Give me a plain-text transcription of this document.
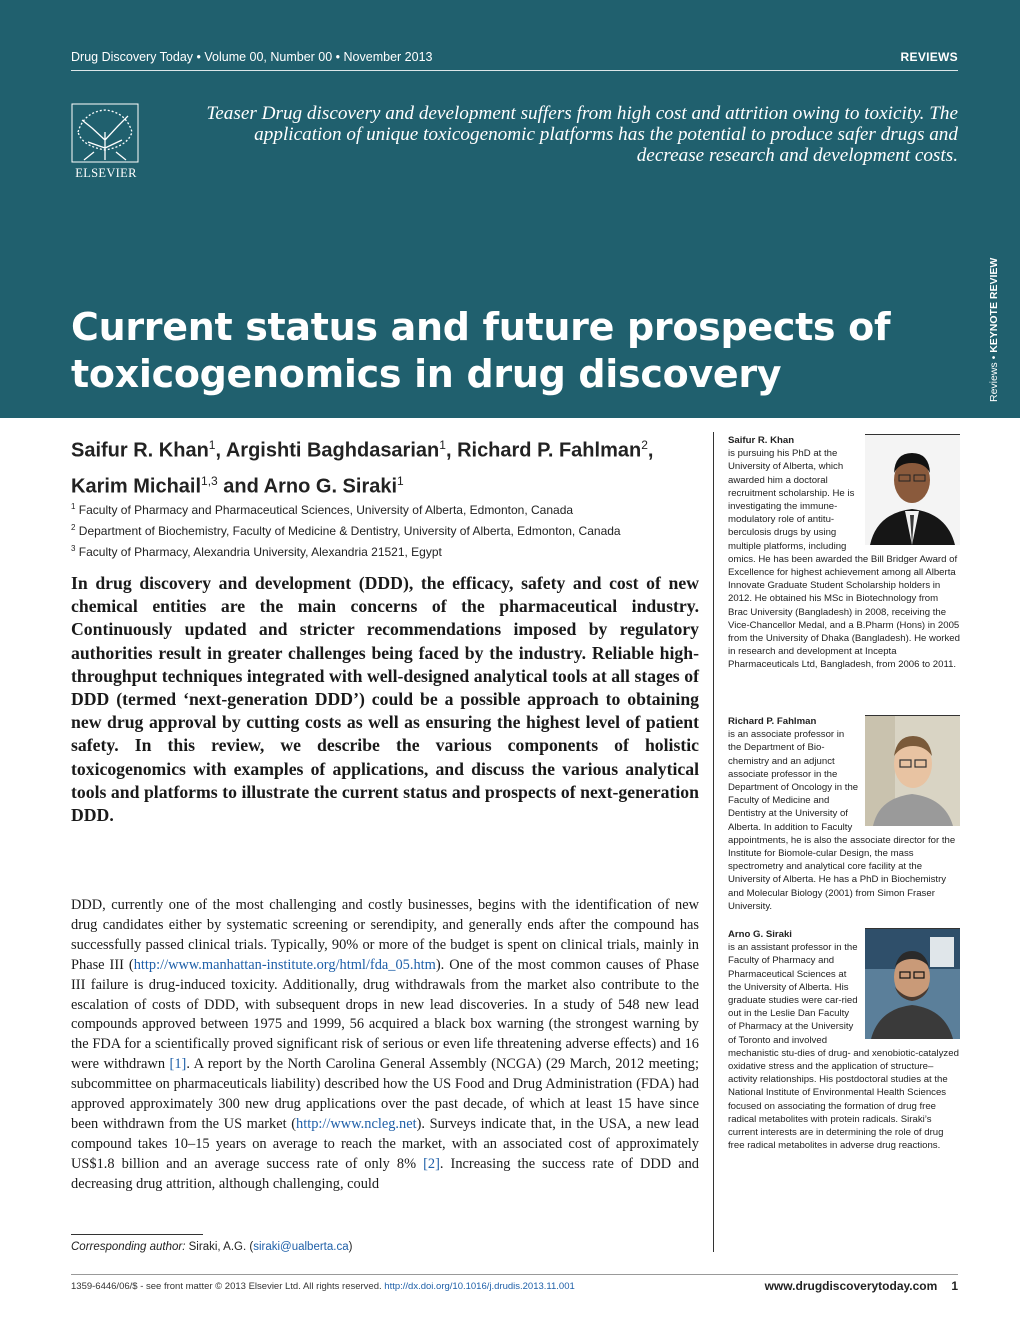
Drug Discovery Today • Volume 00, Number 00 • November 2013	REVIEWS
ELSEVIER
Teaser Drug discovery and development suffers from high cost and attrition owing to toxicity. The application of unique toxicogenomic platforms has the potential to produce safer drugs and decrease research and development costs.
Reviews • KEYNOTE REVIEW
Current status and future prospects of toxicogenomics in drug discovery
Saifur R. Khan$^1$, Argishti Baghdasarian$^1$, Richard P. Fahlman$^2$,
Karim Michail$^{1,3}$ and Arno G. Siraki$^1$
$^1$ Faculty of Pharmacy and Pharmaceutical Sciences, University of Alberta, Edmonton, Canada
$^2$ Department of Biochemistry, Faculty of Medicine & Dentistry, University of Alberta, Edmonton, Canada
$^3$ Faculty of Pharmacy, Alexandria University, Alexandria 21521, Egypt

In drug discovery and development (DDD), the efficacy, safety and cost of new chemical entities are the main concerns of the pharmaceutical industry. Continuously updated and stricter recommendations imposed by regulatory authorities result in greater challenges being faced by the industry. Reliable high-throughput techniques integrated with well-designed analytical tools at all stages of DDD (termed ‘next-generation DDD’) could be a possible approach to obtaining new drug approval by cutting costs as well as ensuring the highest level of patient safety. In this review, we describe the various components of holistic toxicogenomics with examples of applications, and discuss the various analytical tools and platforms to illustrate the current status and prospects of next-generation DDD.

DDD, currently one of the most challenging and costly businesses, begins with the identification of new drug candidates either by systematic screening or serendipity, and generally ends after the compound has successfully passed clinical trials. Typically, 90% or more of the budget is spent on clinical trials, mainly in Phase III (http://www.manhattan-institute.org/html/fda_05.htm). One of the most common causes of Phase III failure is drug-induced toxicity. Additionally, drug withdrawals from the market also contribute to the escalation of costs of DDD, with subsequent drops in new lead discoveries. In a study of 548 new lead compounds approved between 1975 and 1999, 56 acquired a black box warning (the strongest warning by the FDA for a scientifically proved significant risk of serious or even life threatening adverse effects) and 16 were withdrawn [1]. A report by the North Carolina General Assembly (NCGA) (29 March, 2012 meeting; subcommittee on pharmaceuticals liability) described how the US Food and Drug Administration (FDA) had approved approximately 300 new drug applications over the past decade, of which at least 15 have since been withdrawn from the US market (http://www.ncleg.net). Surveys indicate that, in the USA, a new lead compound takes 10–15 years on average to reach the market, with an associated cost of approximately US$1.8 billion and an average success rate of only 8% [2]. Increasing the success rate of DDD and decreasing drug attrition, although challenging, could

Saifur R. Khan
is pursuing his PhD at the University of Alberta, which awarded him a doctoral recruitment scholarship. He is investigating the immune-modulatory role of antitu-berculosis drugs by using multiple platforms, including omics. He has been awarded the Bill Bridger Award of Excellence for highest achievement among all Alberta Innovate Graduate Student Scholarship holders in 2012. He obtained his MSc in Biotechnology from Brac University (Bangladesh) in 2008, receiving the Vice-Chancellor Medal, and a B.Pharm (Hons) in 2005 from the University of Dhaka (Bangladesh). He worked in research and development at Incepta Pharmaceuticals Ltd, Bangladesh, from 2006 to 2011.
Richard P. Fahlman
is an associate professor in the Department of Bio-chemistry and an adjunct associate professor in the Department of Oncology in the Faculty of Medicine and Dentistry at the University of Alberta. In addition to Faculty appointments, he is also the associate director for the Institute for Biomole-cular Design, the mass spectrometry and analytical core facility at the University of Alberta. He has a PhD in Biochemistry and Molecular Biology (2001) from Simon Fraser University.
Arno G. Siraki
is an assistant professor in the Faculty of Pharmacy and Pharmaceutical Sciences at the University of Alberta. His graduate studies were car-ried out in the Leslie Dan Faculty of Pharmacy at the University of Toronto and involved mechanistic stu-dies of drug- and xenobiotic-catalyzed oxidative stress and the application of structure–activity relationships. His postdoctoral studies at the National Institute of Environmental Health Sciences focused on associating the formation of drug free radical metabolites with protein radicals. Siraki’s current interests are in determining the role of drug free radical metabolites in adverse drug reactions.
Corresponding author: Siraki, A.G. (siraki@ualberta.ca)
1359-6446/06/$ - see front matter © 2013 Elsevier Ltd. All rights reserved. http://dx.doi.org/10.1016/j.drudis.2013.11.001	www.drugdiscoverytoday.com 1
